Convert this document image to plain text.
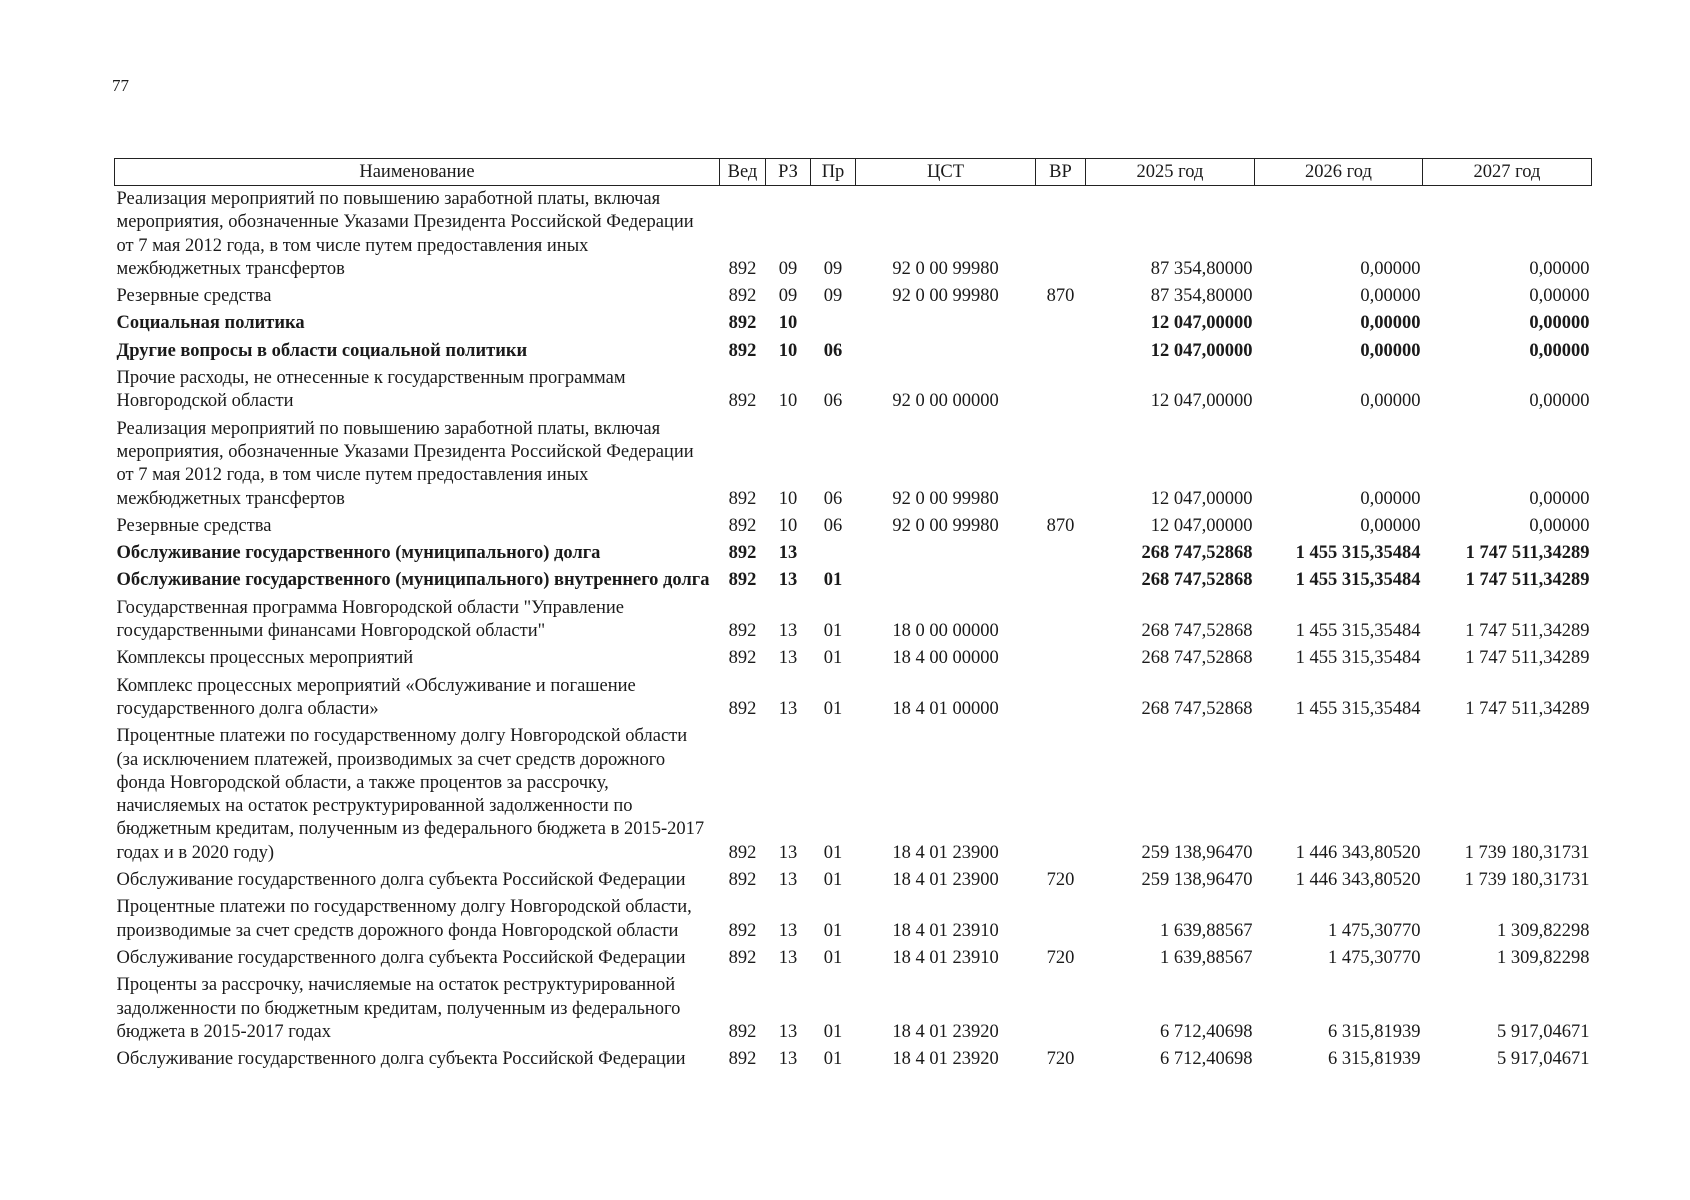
77
Наименование	Вед	РЗ	Пр	ЦСТ	ВР	2025 год	2026 год	2027 год
Реализация мероприятий по повышению заработной платы, включая мероприятия, обозначенные Указами Президента Российской Федерации от 7 мая 2012 года, в том числе путем предоставления иных межбюджетных трансфертов	892	09	09	92 0 00 99980		87 354,80000	0,00000	0,00000
Резервные средства	892	09	09	92 0 00 99980	870	87 354,80000	0,00000	0,00000
Социальная политика	892	10				12 047,00000	0,00000	0,00000
Другие вопросы в области социальной политики	892	10	06			12 047,00000	0,00000	0,00000
Прочие расходы, не отнесенные к государственным программам Новгородской области	892	10	06	92 0 00 00000		12 047,00000	0,00000	0,00000
Реализация мероприятий по повышению заработной платы, включая мероприятия, обозначенные Указами Президента Российской Федерации от 7 мая 2012 года, в том числе путем предоставления иных межбюджетных трансфертов	892	10	06	92 0 00 99980		12 047,00000	0,00000	0,00000
Резервные средства	892	10	06	92 0 00 99980	870	12 047,00000	0,00000	0,00000
Обслуживание государственного (муниципального) долга	892	13				268 747,52868	1 455 315,35484	1 747 511,34289
Обслуживание государственного (муниципального) внутреннего долга	892	13	01			268 747,52868	1 455 315,35484	1 747 511,34289
Государственная программа Новгородской области "Управление государственными финансами Новгородской области"	892	13	01	18 0 00 00000		268 747,52868	1 455 315,35484	1 747 511,34289
Комплексы процессных мероприятий	892	13	01	18 4 00 00000		268 747,52868	1 455 315,35484	1 747 511,34289
Комплекс процессных мероприятий «Обслуживание и погашение государственного долга области»	892	13	01	18 4 01 00000		268 747,52868	1 455 315,35484	1 747 511,34289
Процентные платежи по государственному долгу Новгородской области (за исключением платежей, производимых за счет средств дорожного фонда Новгородской области, а также процентов за рассрочку, начисляемых на остаток реструктурированной задолженности по бюджетным кредитам, полученным из федерального бюджета в 2015-2017 годах и в 2020 году)	892	13	01	18 4 01 23900		259 138,96470	1 446 343,80520	1 739 180,31731
Обслуживание государственного долга субъекта Российской Федерации	892	13	01	18 4 01 23900	720	259 138,96470	1 446 343,80520	1 739 180,31731
Процентные платежи по государственному долгу Новгородской области, производимые за счет средств дорожного фонда Новгородской области	892	13	01	18 4 01 23910		1 639,88567	1 475,30770	1 309,82298
Обслуживание государственного долга субъекта Российской Федерации	892	13	01	18 4 01 23910	720	1 639,88567	1 475,30770	1 309,82298
Проценты за рассрочку, начисляемые на остаток реструктурированной задолженности по бюджетным кредитам, полученным из федерального бюджета в 2015-2017 годах	892	13	01	18 4 01 23920		6 712,40698	6 315,81939	5 917,04671
Обслуживание государственного долга субъекта Российской Федерации	892	13	01	18 4 01 23920	720	6 712,40698	6 315,81939	5 917,04671
